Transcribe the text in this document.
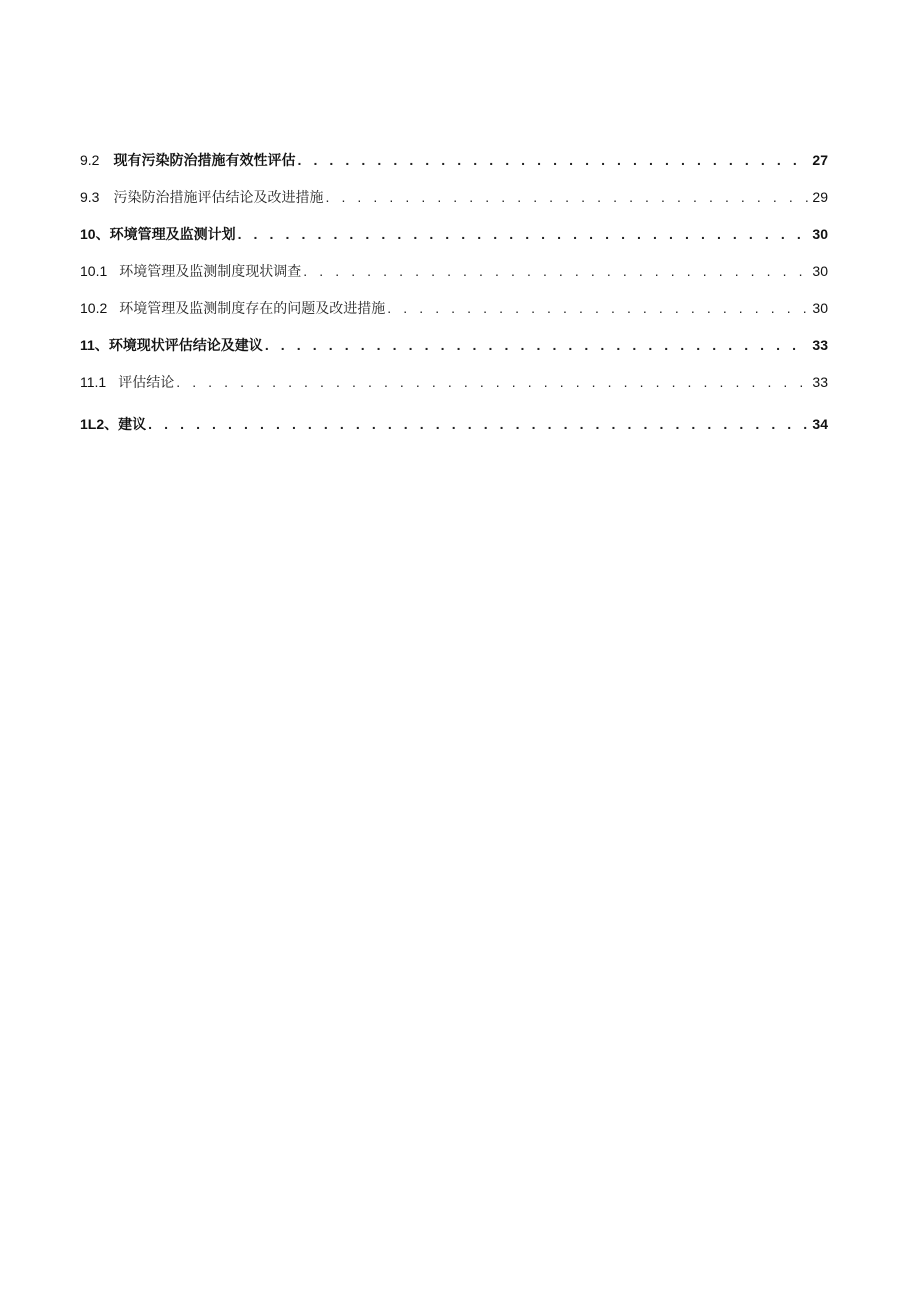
9.2 现有污染防治措施有效性评估 . . .	27
9.3 污染防治措施评估结论及改进措施 . . .	29
10、 环境管理及监测计划 . . .	30
10.1 环境管理及监测制度现状调查 . . .	30
10.2 环境管理及监测制度存在的问题及改进措施 . . .	30
11、 环境现状评估结论及建议 . . .	33
11.1 评估结论 . . .	33
1L2、 建议 . . .	34
